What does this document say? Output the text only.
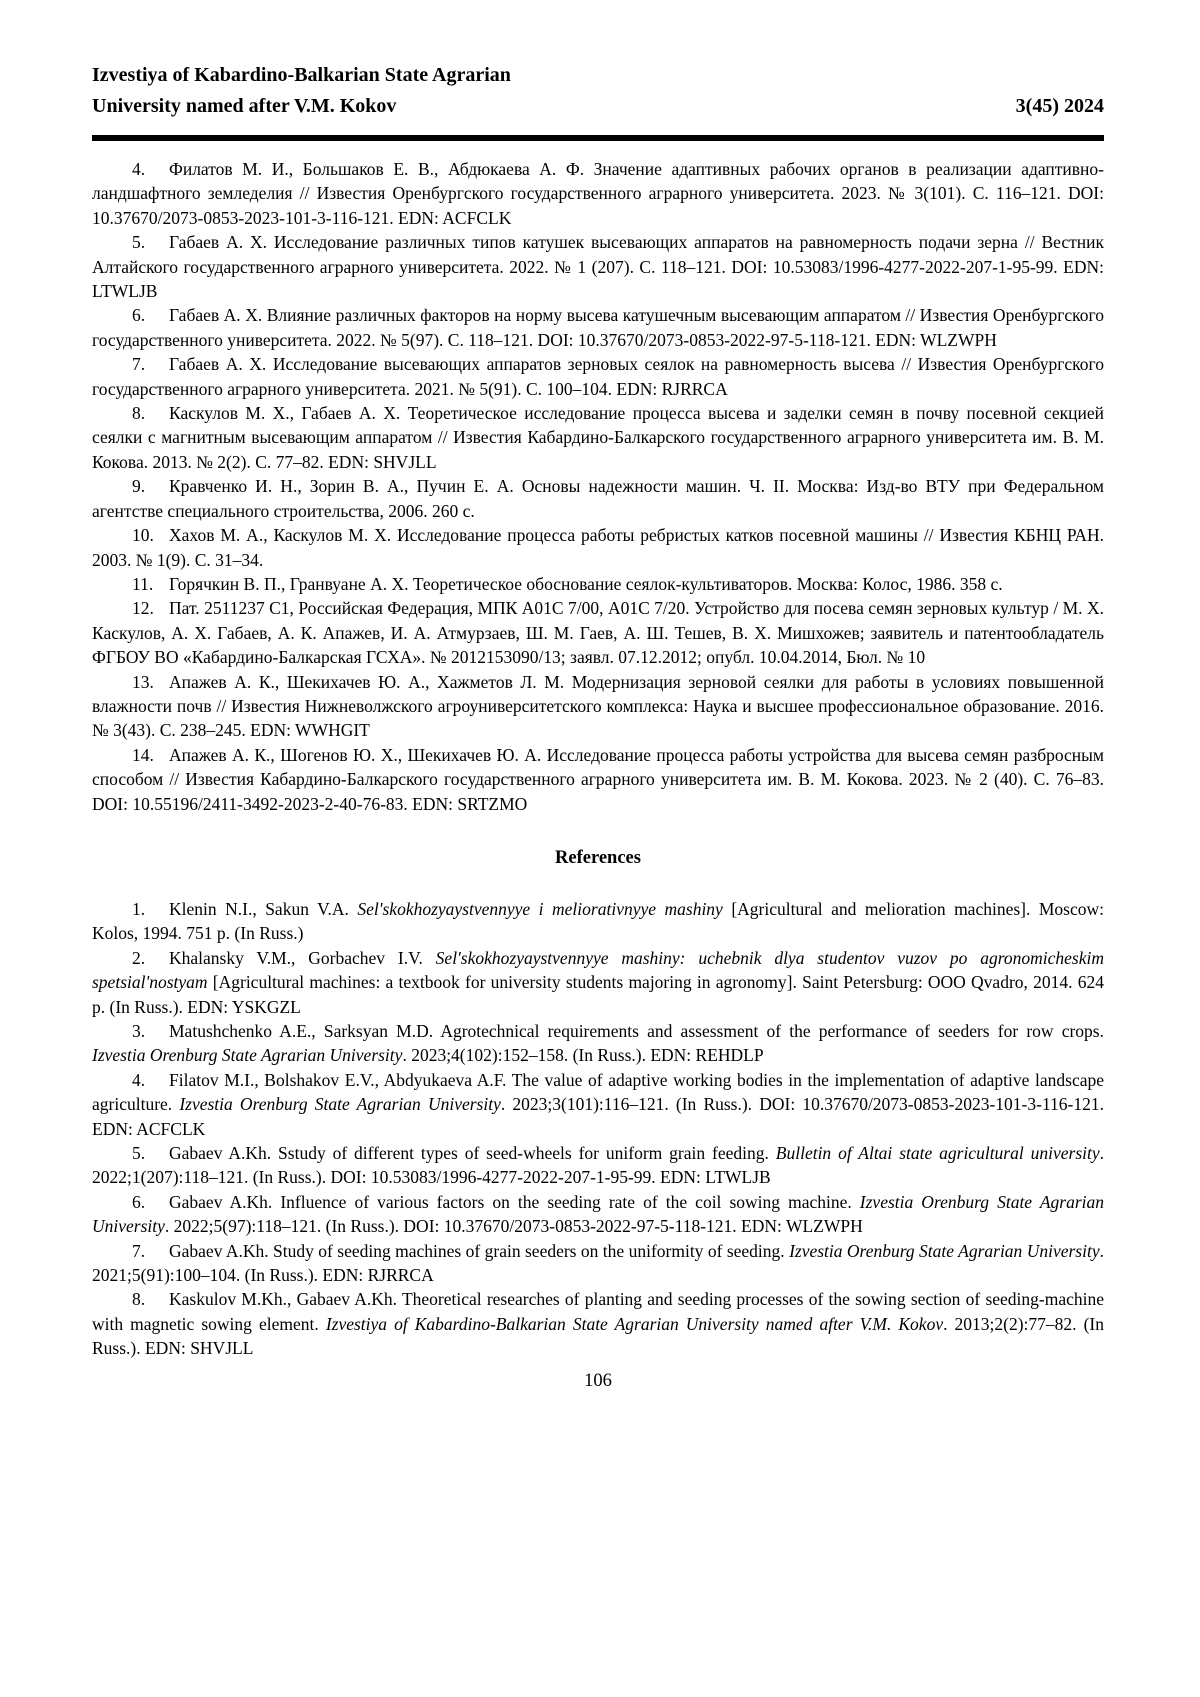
Izvestiya of Kabardino-Balkarian State Agrarian
University named after V.M. Kokov	3(45) 2024

4. Филатов М. И., Большаков Е. В., Абдюкаева А. Ф. Значение адаптивных рабочих органов в реализации адаптивно-ландшафтного земледелия // Известия Оренбургского государственного аграрного университета. 2023. № 3(101). С. 116–121. DOI: 10.37670/2073-0853-2023-101-3-116-121. EDN: ACFCLK

5. Габаев А. Х. Исследование различных типов катушек высевающих аппаратов на равномерность подачи зерна // Вестник Алтайского государственного аграрного университета. 2022. № 1 (207). С. 118–121. DOI: 10.53083/1996-4277-2022-207-1-95-99. EDN: LTWLJB

6. Габаев А. Х. Влияние различных факторов на норму высева катушечным высевающим аппаратом // Известия Оренбургского государственного университета. 2022. № 5(97). С. 118–121. DOI: 10.37670/2073-0853-2022-97-5-118-121. EDN: WLZWPH

7. Габаев А. Х. Исследование высевающих аппаратов зерновых сеялок на равномерность высева // Известия Оренбургского государственного аграрного университета. 2021. № 5(91). С. 100–104. EDN: RJRRCA

8. Каскулов М. Х., Габаев А. Х. Теоретическое исследование процесса высева и заделки семян в почву посевной секцией сеялки с магнитным высевающим аппаратом // Известия Кабардино-Балкарского государственного аграрного университета им. В. М. Кокова. 2013. № 2(2). С. 77–82. EDN: SHVJLL

9. Кравченко И. Н., Зорин В. А., Пучин Е. А. Основы надежности машин. Ч. II. Москва: Изд-во ВТУ при Федеральном агентстве специального строительства, 2006. 260 с.

10. Хахов М. А., Каскулов М. Х. Исследование процесса работы ребристых катков посевной машины // Известия КБНЦ РАН. 2003. № 1(9). С. 31–34.

11. Горячкин В. П., Гранвуане А. Х. Теоретическое обоснование сеялок-культиваторов. Москва: Колос, 1986. 358 с.

12. Пат. 2511237 С1, Российская Федерация, МПК А01С 7/00, А01С 7/20. Устройство для посева семян зерновых культур / М. Х. Каскулов, А. Х. Габаев, А. К. Апажев, И. А. Атмурзаев, Ш. М. Гаев, А. Ш. Тешев, В. Х. Мишхожев; заявитель и патентообладатель ФГБОУ ВО «Кабардино-Балкарская ГСХА». № 2012153090/13; заявл. 07.12.2012; опубл. 10.04.2014, Бюл. № 10

13. Апажев А. К., Шекихачев Ю. А., Хажметов Л. М. Модернизация зерновой сеялки для работы в условиях повышенной влажности почв // Известия Нижневолжского агроуниверситетского комплекса: Наука и высшее профессиональное образование. 2016. № 3(43). С. 238–245. EDN: WWHGIT

14. Апажев А. К., Шогенов Ю. Х., Шекихачев Ю. А. Исследование процесса работы устройства для высева семян разбросным способом // Известия Кабардино-Балкарского государственного аграрного университета им. В. М. Кокова. 2023. № 2 (40). С. 76–83. DOI: 10.55196/2411-3492-2023-2-40-76-83. EDN: SRTZMO

References

1. Klenin N.I., Sakun V.A. Sel'skokhozyaystvennyye i meliorativnyye mashiny [Agricultural and melioration machines]. Moscow: Kolos, 1994. 751 p. (In Russ.)

2. Khalansky V.M., Gorbachev I.V. Sel'skokhozyaystvennyye mashiny: uchebnik dlya studentov vuzov po agronomicheskim spetsial'nostyam [Agricultural machines: a textbook for university students majoring in agronomy]. Saint Petersburg: OOO Qvadro, 2014. 624 p. (In Russ.). EDN: YSKGZL

3. Matushchenko A.E., Sarksyan M.D. Agrotechnical requirements and assessment of the performance of seeders for row crops. Izvestia Orenburg State Agrarian University. 2023;4(102):152–158. (In Russ.). EDN: REHDLP

4. Filatov M.I., Bolshakov E.V., Abdyukaeva A.F. The value of adaptive working bodies in the implementation of adaptive landscape agriculture. Izvestia Orenburg State Agrarian University. 2023;3(101):116–121. (In Russ.). DOI: 10.37670/2073-0853-2023-101-3-116-121. EDN: ACFCLK

5. Gabaev A.Kh. Sstudy of different types of seed-wheels for uniform grain feeding. Bulletin of Altai state agricultural university. 2022;1(207):118–121. (In Russ.). DOI: 10.53083/1996-4277-2022-207-1-95-99. EDN: LTWLJB

6. Gabaev A.Kh. Influence of various factors on the seeding rate of the coil sowing machine. Izvestia Orenburg State Agrarian University. 2022;5(97):118–121. (In Russ.). DOI: 10.37670/2073-0853-2022-97-5-118-121. EDN: WLZWPH

7. Gabaev A.Kh. Study of seeding machines of grain seeders on the uniformity of seeding. Izvestia Orenburg State Agrarian University. 2021;5(91):100–104. (In Russ.). EDN: RJRRCA

8. Kaskulov M.Kh., Gabaev A.Kh. Theoretical researches of planting and seeding processes of the sowing section of seeding-machine with magnetic sowing element. Izvestiya of Kabardino-Balkarian State Agrarian University named after V.M. Kokov. 2013;2(2):77–82. (In Russ.). EDN: SHVJLL

106
